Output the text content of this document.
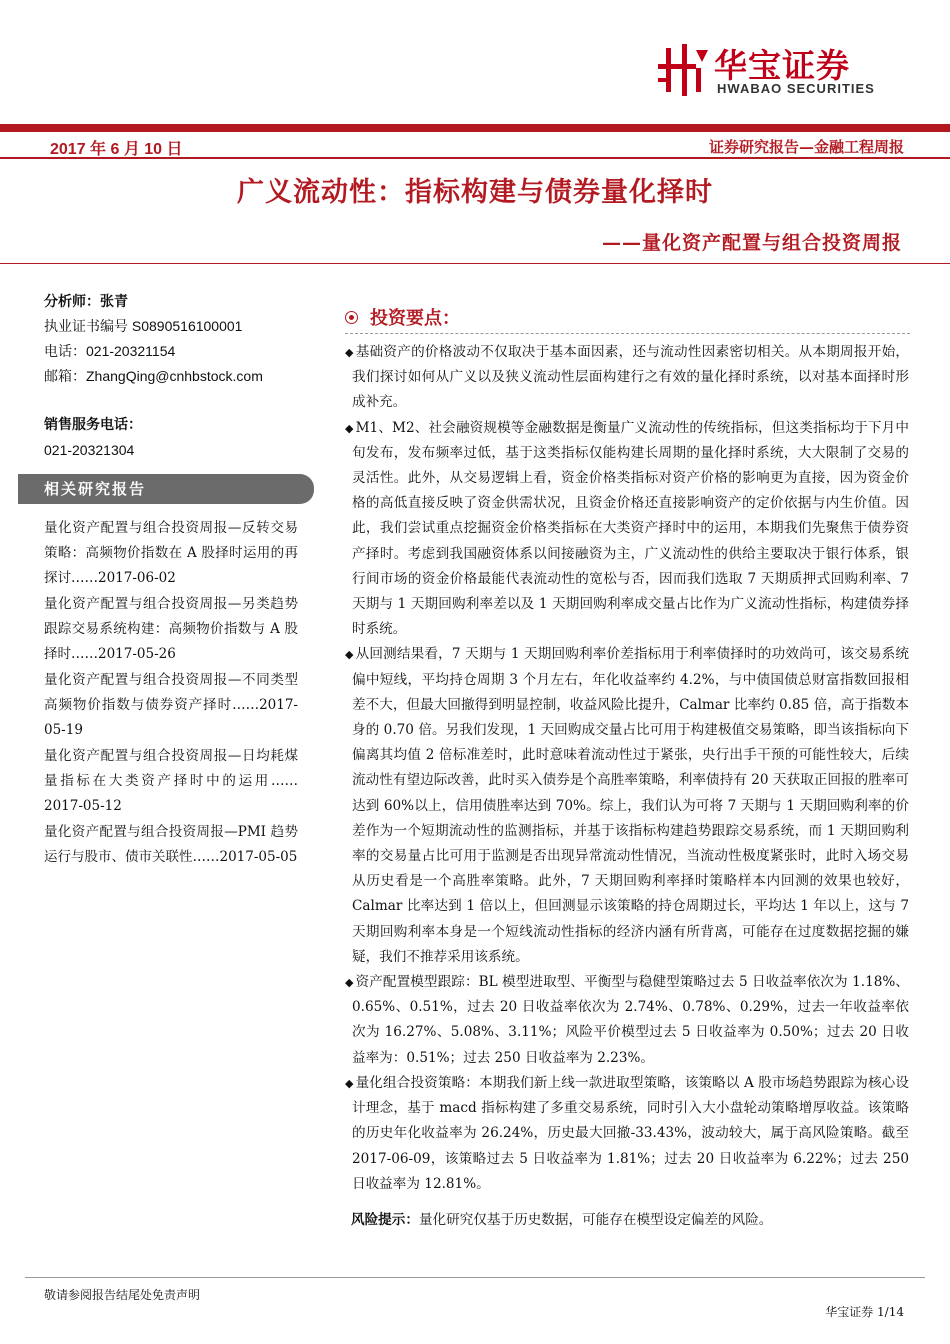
华宝证券
HWABAO SECURITIES
2017 年 6 月 10 日	证券研究报告—金融工程周报
广义流动性：指标构建与债券量化择时
——量化资产配置与组合投资周报
分析师：张青
执业证书编号 S0890516100001
电话：021-20321154
邮箱：ZhangQing@cnhbstock.com
销售服务电话：
021-20321304
相关研究报告
量化资产配置与组合投资周报—反转交易策略：高频物价指数在 A 股择时运用的再探讨……2017-06-02
量化资产配置与组合投资周报—另类趋势跟踪交易系统构建：高频物价指数与 A 股择时……2017-05-26
量化资产配置与组合投资周报—不同类型高频物价指数与债券资产择时……2017-05-19
量化资产配置与组合投资周报—日均耗煤量指标在大类资产择时中的运用……2017-05-12
量化资产配置与组合投资周报—PMI 趋势运行与股市、债市关联性……2017-05-05
投资要点：

◆ 基础资产的价格波动不仅取决于基本面因素，还与流动性因素密切相关。从本期周报开始，我们探讨如何从广义以及狭义流动性层面构建行之有效的量化择时系统，以对基本面择时形成补充。

◆ M1、M2、社会融资规模等金融数据是衡量广义流动性的传统指标，但这类指标均于下月中旬发布，发布频率过低，基于这类指标仅能构建长周期的量化择时系统，大大限制了交易的灵活性。此外，从交易逻辑上看，资金价格类指标对资产价格的影响更为直接，因为资金价格的高低直接反映了资金供需状况，且资金价格还直接影响资产的定价依据与内生价值。因此，我们尝试重点挖掘资金价格类指标在大类资产择时中的运用，本期我们先聚焦于债券资产择时。考虑到我国融资体系以间接融资为主，广义流动性的供给主要取决于银行体系，银行间市场的资金价格最能代表流动性的宽松与否，因而我们选取 7 天期质押式回购利率、7 天期与 1 天期回购利率差以及 1 天期回购利率成交量占比作为广义流动性指标，构建债券择时系统。

◆ 从回测结果看，7 天期与 1 天期回购利率价差指标用于利率债择时的功效尚可，该交易系统偏中短线，平均持仓周期 3 个月左右，年化收益率约 4.2%，与中债国债总财富指数回报相差不大，但最大回撤得到明显控制，收益风险比提升，Calmar 比率约 0.85 倍，高于指数本身的 0.70 倍。另我们发现，1 天回购成交量占比可用于构建极值交易策略，即当该指标向下偏离其均值 2 倍标准差时，此时意味着流动性过于紧张，央行出手干预的可能性较大，后续流动性有望边际改善，此时买入债券是个高胜率策略，利率债持有 20 天获取正回报的胜率可达到 60%以上，信用债胜率达到 70%。综上，我们认为可将 7 天期与 1 天期回购利率的价差作为一个短期流动性的监测指标，并基于该指标构建趋势跟踪交易系统，而 1 天期回购利率的交易量占比可用于监测是否出现异常流动性情况，当流动性极度紧张时，此时入场交易从历史看是一个高胜率策略。此外，7 天期回购利率择时策略样本内回测的效果也较好，Calmar 比率达到 1 倍以上，但回测显示该策略的持仓周期过长，平均达 1 年以上，这与 7 天期回购利率本身是一个短线流动性指标的经济内涵有所背离，可能存在过度数据挖掘的嫌疑，我们不推荐采用该系统。

◆ 资产配置模型跟踪：BL 模型进取型、平衡型与稳健型策略过去 5 日收益率依次为 1.18%、0.65%、0.51%，过去 20 日收益率依次为 2.74%、0.78%、0.29%，过去一年收益率依次为 16.27%、5.08%、3.11%；风险平价模型过去 5 日收益率为 0.50%；过去 20 日收益率为：0.51%；过去 250 日收益率为 2.23%。

◆ 量化组合投资策略：本期我们新上线一款进取型策略，该策略以 A 股市场趋势跟踪为核心设计理念，基于 macd 指标构建了多重交易系统，同时引入大小盘轮动策略增厚收益。该策略的历史年化收益率为 26.24%，历史最大回撤-33.43%，波动较大，属于高风险策略。截至 2017-06-09，该策略过去 5 日收益率为 1.81%；过去 20 日收益率为 6.22%；过去 250 日收益率为 12.81%。

风险提示：量化研究仅基于历史数据，可能存在模型设定偏差的风险。
敬请参阅报告结尾处免责声明
华宝证券 1/14
